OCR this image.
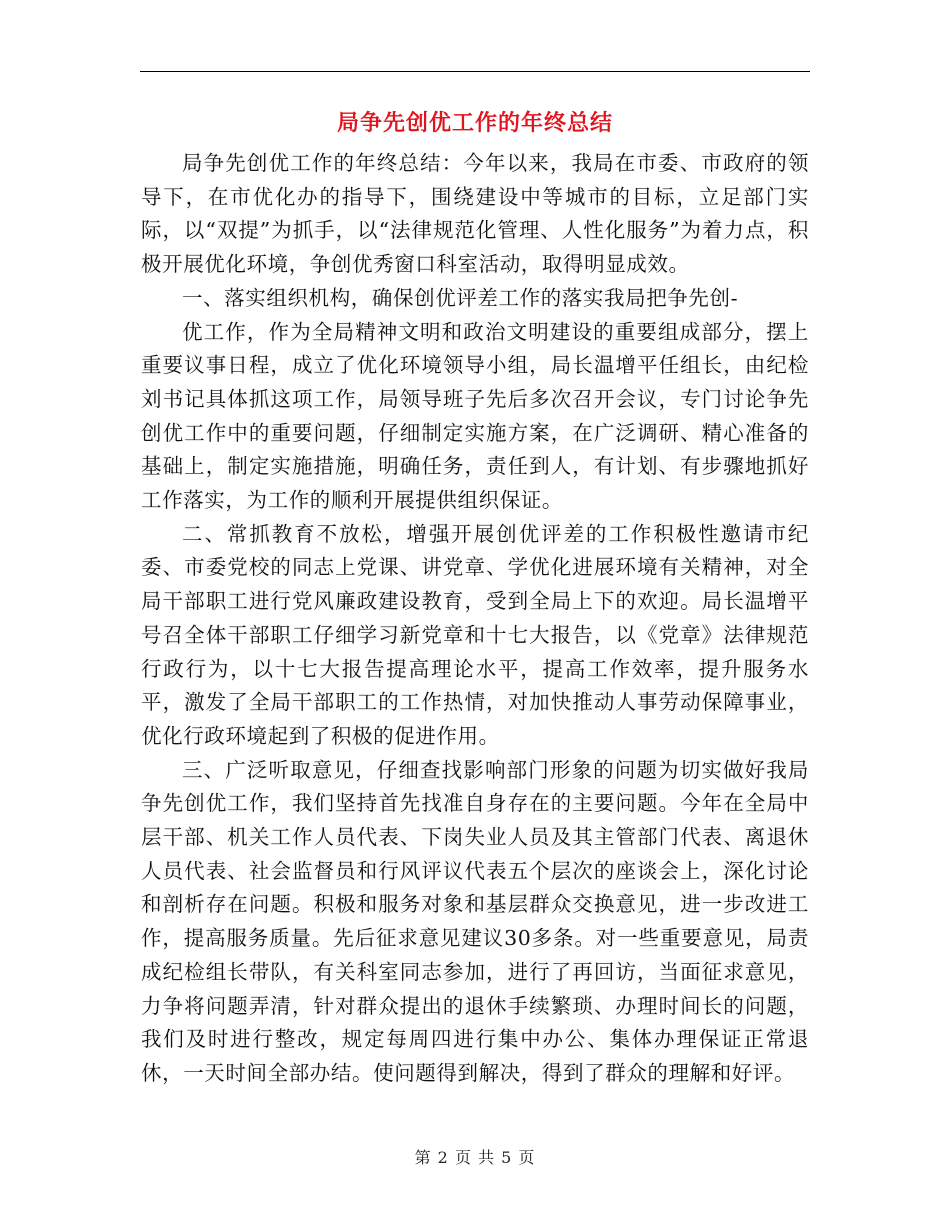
局争先创优工作的年终总结

局争先创优工作的年终总结：今年以来，我局在市委、市政府的领导下，在市优化办的指导下，围绕建设中等城市的目标，立足部门实际，以“双提”为抓手，以“法律规范化管理、人性化服务”为着力点，积极开展优化环境，争创优秀窗口科室活动，取得明显成效。

一、落实组织机构，确保创优评差工作的落实我局把争先创-

优工作，作为全局精神文明和政治文明建设的重要组成部分，摆上重要议事日程，成立了优化环境领导小组，局长温增平任组长，由纪检刘书记具体抓这项工作，局领导班子先后多次召开会议，专门讨论争先创优工作中的重要问题，仔细制定实施方案，在广泛调研、精心准备的基础上，制定实施措施，明确任务，责任到人，有计划、有步骤地抓好工作落实，为工作的顺利开展提供组织保证。

二、常抓教育不放松，增强开展创优评差的工作积极性邀请市纪委、市委党校的同志上党课、讲党章、学优化进展环境有关精神，对全局干部职工进行党风廉政建设教育，受到全局上下的欢迎。局长温增平号召全体干部职工仔细学习新党章和十七大报告，以《党章》法律规范行政行为，以十七大报告提高理论水平，提高工作效率，提升服务水平，激发了全局干部职工的工作热情，对加快推动人事劳动保障事业，优化行政环境起到了积极的促进作用。

三、广泛听取意见，仔细查找影响部门形象的问题为切实做好我局争先创优工作，我们坚持首先找准自身存在的主要问题。今年在全局中层干部、机关工作人员代表、下岗失业人员及其主管部门代表、离退休人员代表、社会监督员和行风评议代表五个层次的座谈会上，深化讨论和剖析存在问题。积极和服务对象和基层群众交换意见，进一步改进工作，提高服务质量。先后征求意见建议30多条。对一些重要意见，局责成纪检组长带队，有关科室同志参加，进行了再回访，当面征求意见，力争将问题弄清，针对群众提出的退休手续繁琐、办理时间长的问题，我们及时进行整改，规定每周四进行集中办公、集体办理保证正常退休，一天时间全部办结。使问题得到解决，得到了群众的理解和好评。

第 2 页 共 5 页
